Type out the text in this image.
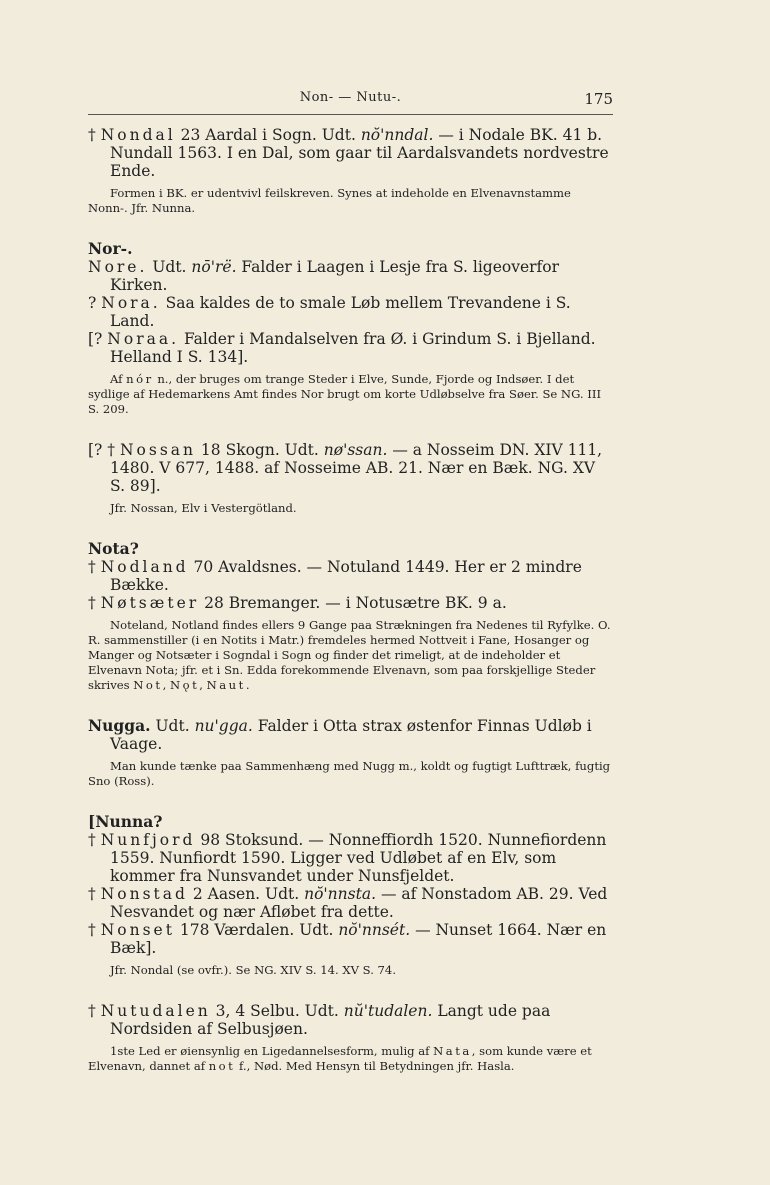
Non- — Nutu-.	175

† Nondal 23 Aardal i Sogn. Udt. nŏ'nndal. — i Nodale BK. 41 b. Nundall 1563. I en Dal, som gaar til Aardalsvandets nordvestre Ende.

Formen i BK. er udentvivl feilskreven. Synes at indeholde en Elvenavnstamme Nonn-. Jfr. Nunna.

Nor-.

Nore. Udt. nō'rë. Falder i Laagen i Lesje fra S. ligeoverfor Kirken.

? Nora. Saa kaldes de to smale Løb mellem Trevandene i S. Land.

[? Noraa. Falder i Mandalselven fra Ø. i Grindum S. i Bjelland. Helland I S. 134].

Af nór n., der bruges om trange Steder i Elve, Sunde, Fjorde og Indsøer. I det sydlige af Hedemarkens Amt findes Nor brugt om korte Udløbselve fra Søer. Se NG. III S. 209.

[? † Nossan 18 Skogn. Udt. nø'ssan. — a Nosseim DN. XIV 111, 1480. V 677, 1488. af Nosseime AB. 21. Nær en Bæk. NG. XV S. 89].

Jfr. Nossan, Elv i Vestergötland.

Nota?

† Nodland 70 Avaldsnes. — Notuland 1449. Her er 2 mindre Bække.

† Nøtsæter 28 Bremanger. — i Notusætre BK. 9 a.

Noteland, Notland findes ellers 9 Gange paa Strækningen fra Nedenes til Ryfylke. O. R. sammenstiller (i en Notits i Matr.) fremdeles hermed Nottveit i Fane, Hosanger og Manger og Notsæter i Sogndal i Sogn og finder det rimeligt, at de indeholder et Elvenavn Nota; jfr. et i Sn. Edda forekommende Elvenavn, som paa forskjellige Steder skrives Not, Nǫt, Naut.

Nugga. Udt. nu'gga. Falder i Otta strax østenfor Finnas Udløb i Vaage.

Man kunde tænke paa Sammenhæng med Nugg m., koldt og fugtigt Lufttræk, fugtig Sno (Ross).

[Nunna?

† Nunfjord 98 Stoksund. — Nonneffiordh 1520. Nunnefiordenn 1559. Nunfiordt 1590. Ligger ved Udløbet af en Elv, som kommer fra Nunsvandet under Nunsfjeldet.

† Nonstad 2 Aasen. Udt. nŏ'nnsta. — af Nonstadom AB. 29. Ved Nesvandet og nær Afløbet fra dette.

† Nonset 178 Værdalen. Udt. nŏ'nnsét. — Nunset 1664. Nær en Bæk].

Jfr. Nondal (se ovfr.). Se NG. XIV S. 14. XV S. 74.

† Nutudalen 3, 4 Selbu. Udt. nŭ'tudalen. Langt ude paa Nordsiden af Selbusjøen.

1ste Led er øiensynlig en Ligedannelsesform, mulig af Nata, som kunde være et Elvenavn, dannet af not f., Nød. Med Hensyn til Betydningen jfr. Hasla.
